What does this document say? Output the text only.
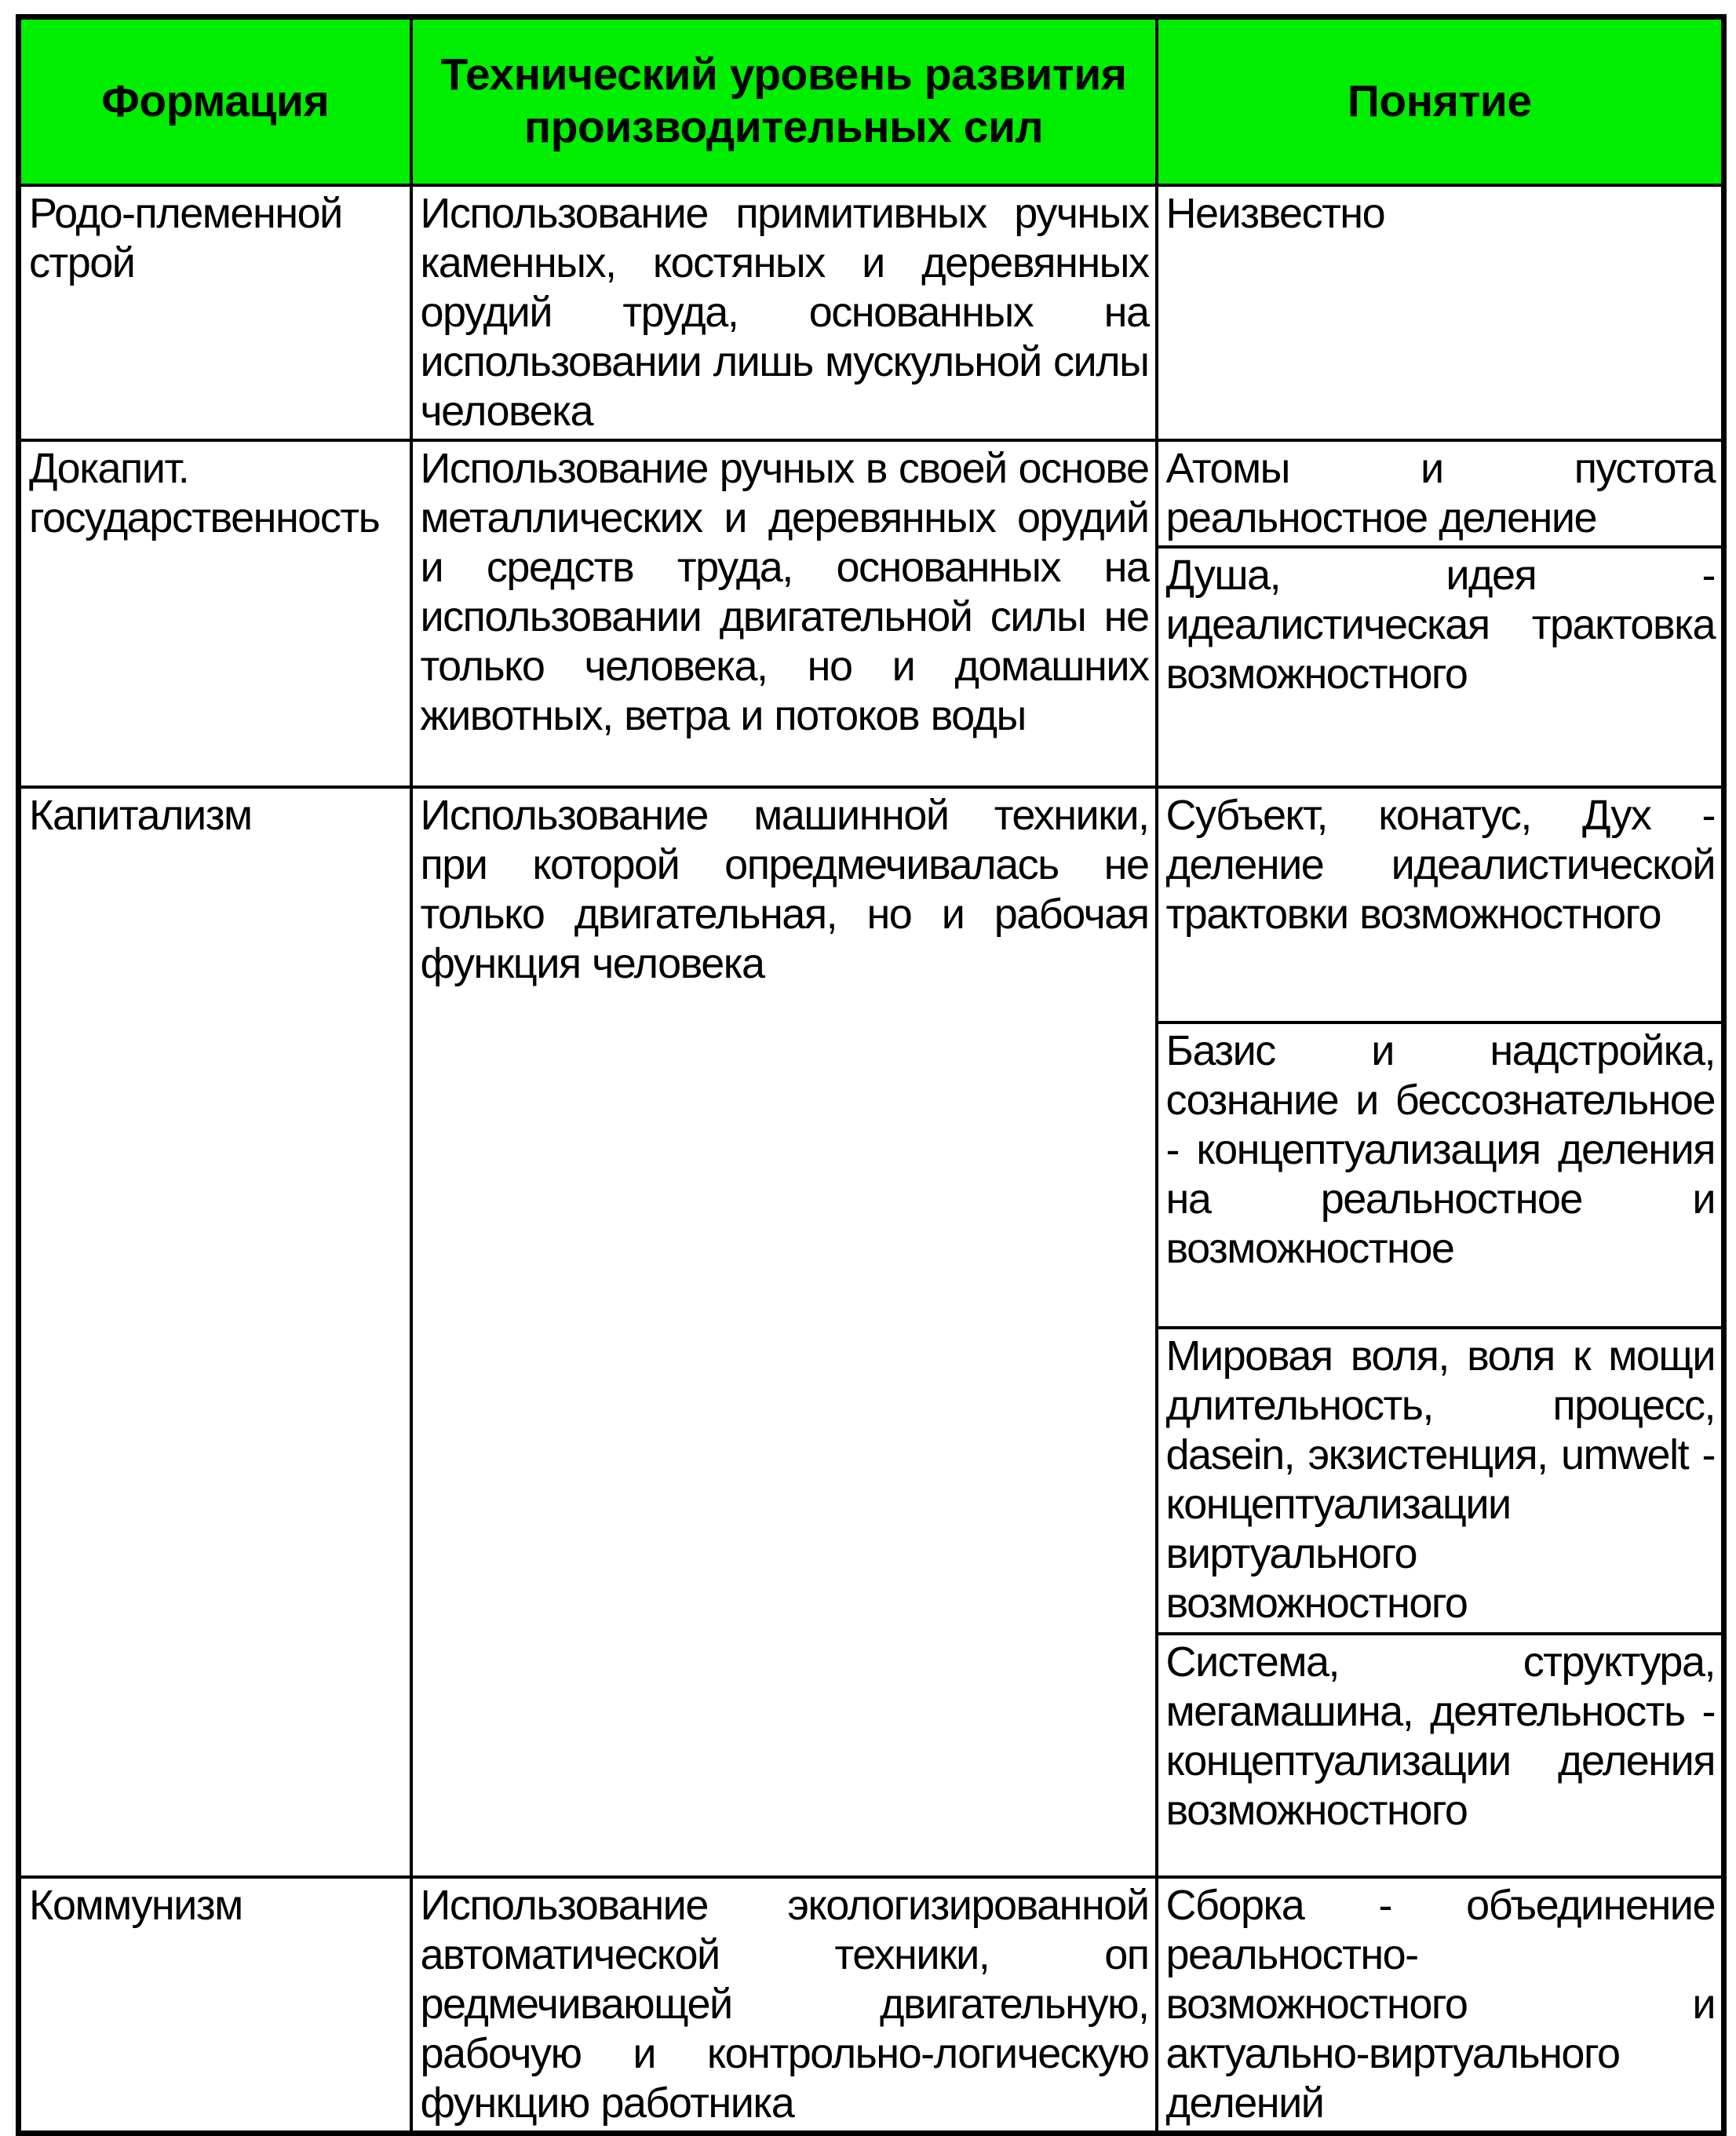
Формация	Технический уровень развития производительных сил	Понятие
Родо-племенной строй	Использование примитивных ручных каменных, костяных и деревянных орудий труда, основанных на использовании лишь мускульной силы человека	Неизвестно
Докапит. государственность	Использование ручных в своей основе металлических и деревянных орудий и средств труда, основанных на использовании двигательной силы не только человека, но и домашних животных, ветра и потоков воды	Атомы и пустота реальностное деление
		Душа, идея - идеалистическая трактовка возможностного
Капитализм	Использование машинной техники, при которой опредмечивалась не только двигательная, но и рабочая функция человека	Субъект, конатус, Дух - деление идеалистической трактовки возможностного
		Базис и надстройка, сознание и бессознательное - концептуализация деления на реальностное и возможностное
		Мировая воля, воля к мощи длительность, процесс, dasein, экзистенция, umwelt - концептуализации виртуального возможностного
		Система, структура, мегамашина, деятельность - концептуализации деления возможностного
Коммунизм	Использование экологизированной автоматической техники, оп редмечивающей двигательную, рабочую и контрольно-логическую функцию работника	Сборка - объединение реальностно-возможностного и актуально-виртуального делений
